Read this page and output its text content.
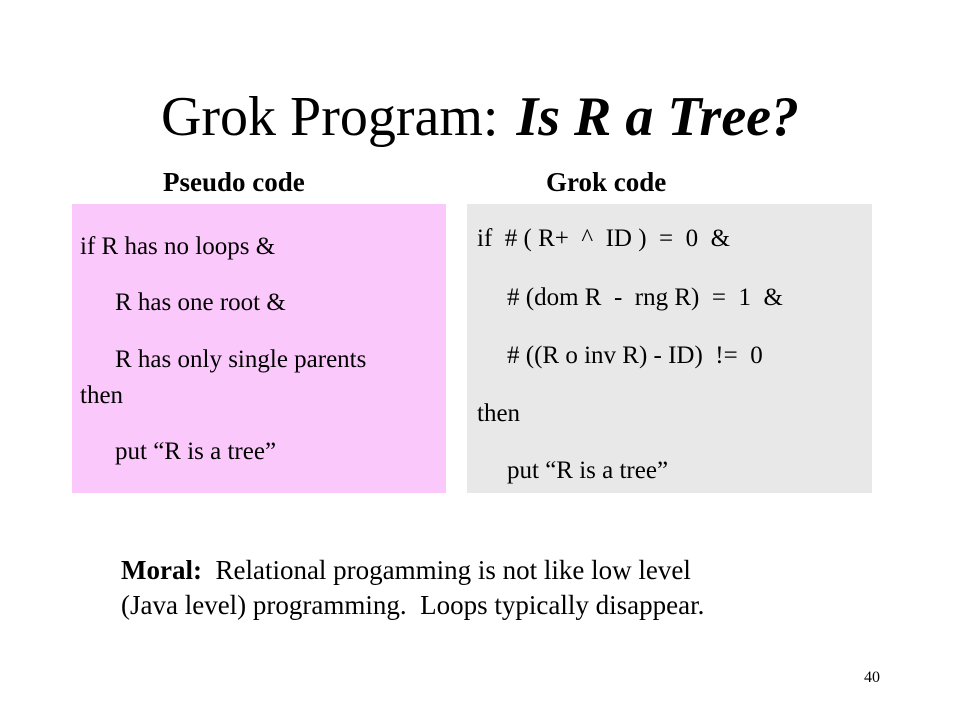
Grok Program: Is R a Tree?
Pseudo code	Grok code
if R has no loops &
R has one root &
R has only single parents
then
put “R is a tree”
if  # ( R+  ^  ID )  =  0  &
# (dom R  -  rng R)  =  1  &
# ((R o inv R) - ID)  !=  0
then
put “R is a tree”
Moral: Relational progamming is not like low level
(Java level) programming.  Loops typically disappear.
40
